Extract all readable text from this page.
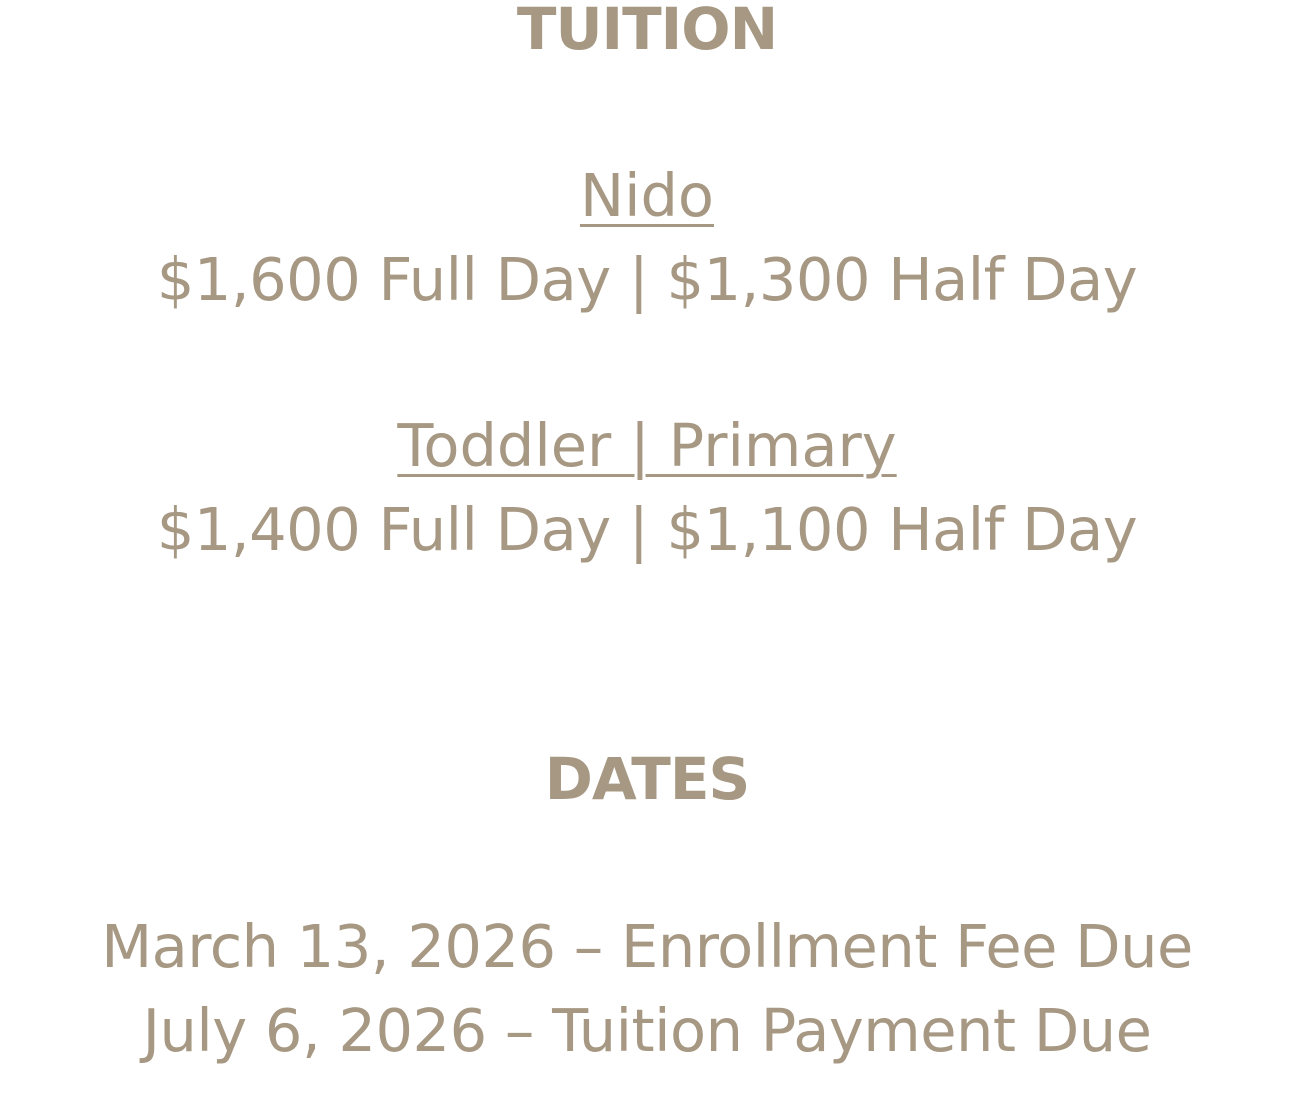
TUITION
Nido
$1,600 Full Day | $1,300 Half Day
Toddler | Primary
$1,400 Full Day | $1,100 Half Day
DATES
March 13, 2026 – Enrollment Fee Due
July 6, 2026 – Tuition Payment Due
